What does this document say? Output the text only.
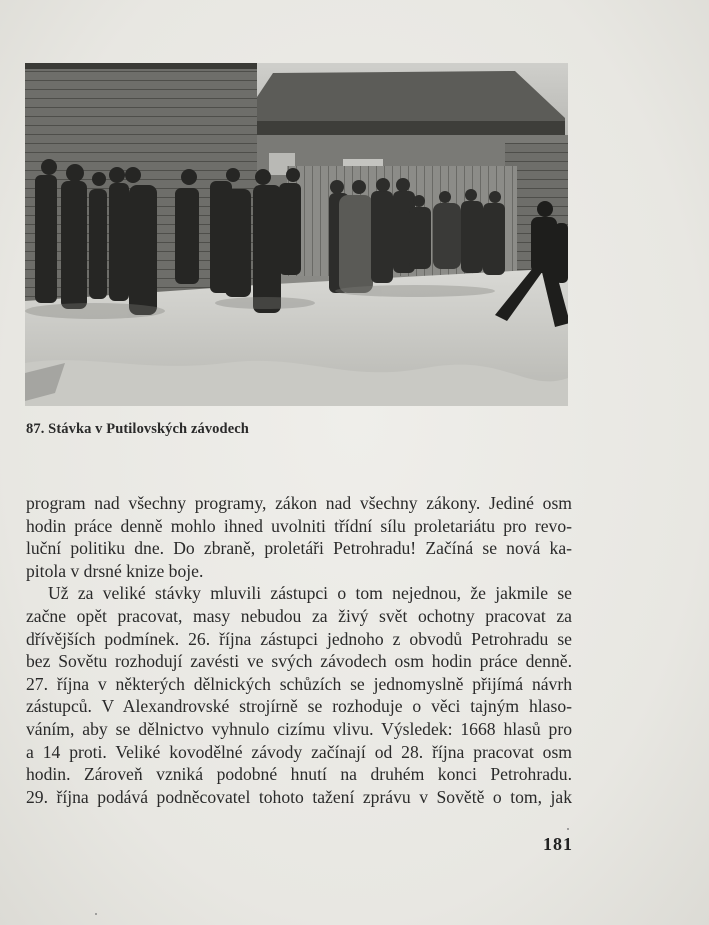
87. Stávka v Putilovských závodech
program nad všechny programy, zákon nad všechny zákony. Jediné osm
hodin práce denně mohlo ihned uvolniti třídní sílu proletariátu pro revo-
luční politiku dne. Do zbraně, proletáři Petrohradu! Začíná se nová ka-
pitola v drsné knize boje.
Už za veliké stávky mluvili zástupci o tom nejednou, že jakmile se
začne opět pracovat, masy nebudou za živý svět ochotny pracovat za
dřívějších podmínek. 26. října zástupci jednoho z obvodů Petrohradu se
bez Sovětu rozhodují zavésti ve svých závodech osm hodin práce denně.
27. října v některých dělnických schůzích se jednomyslně přijímá návrh
zástupců. V Alexandrovské strojírně se rozhoduje o věci tajným hlaso-
váním, aby se dělnictvo vyhnulo cizímu vlivu. Výsledek: 1668 hlasů pro
a 14 proti. Veliké kovodělné závody začínají od 28. října pracovat osm
hodin. Zároveň vzniká podobné hnutí na druhém konci Petrohradu.
29. října podává podněcovatel tohoto tažení zprávu v Sovětě o tom, jak
181
